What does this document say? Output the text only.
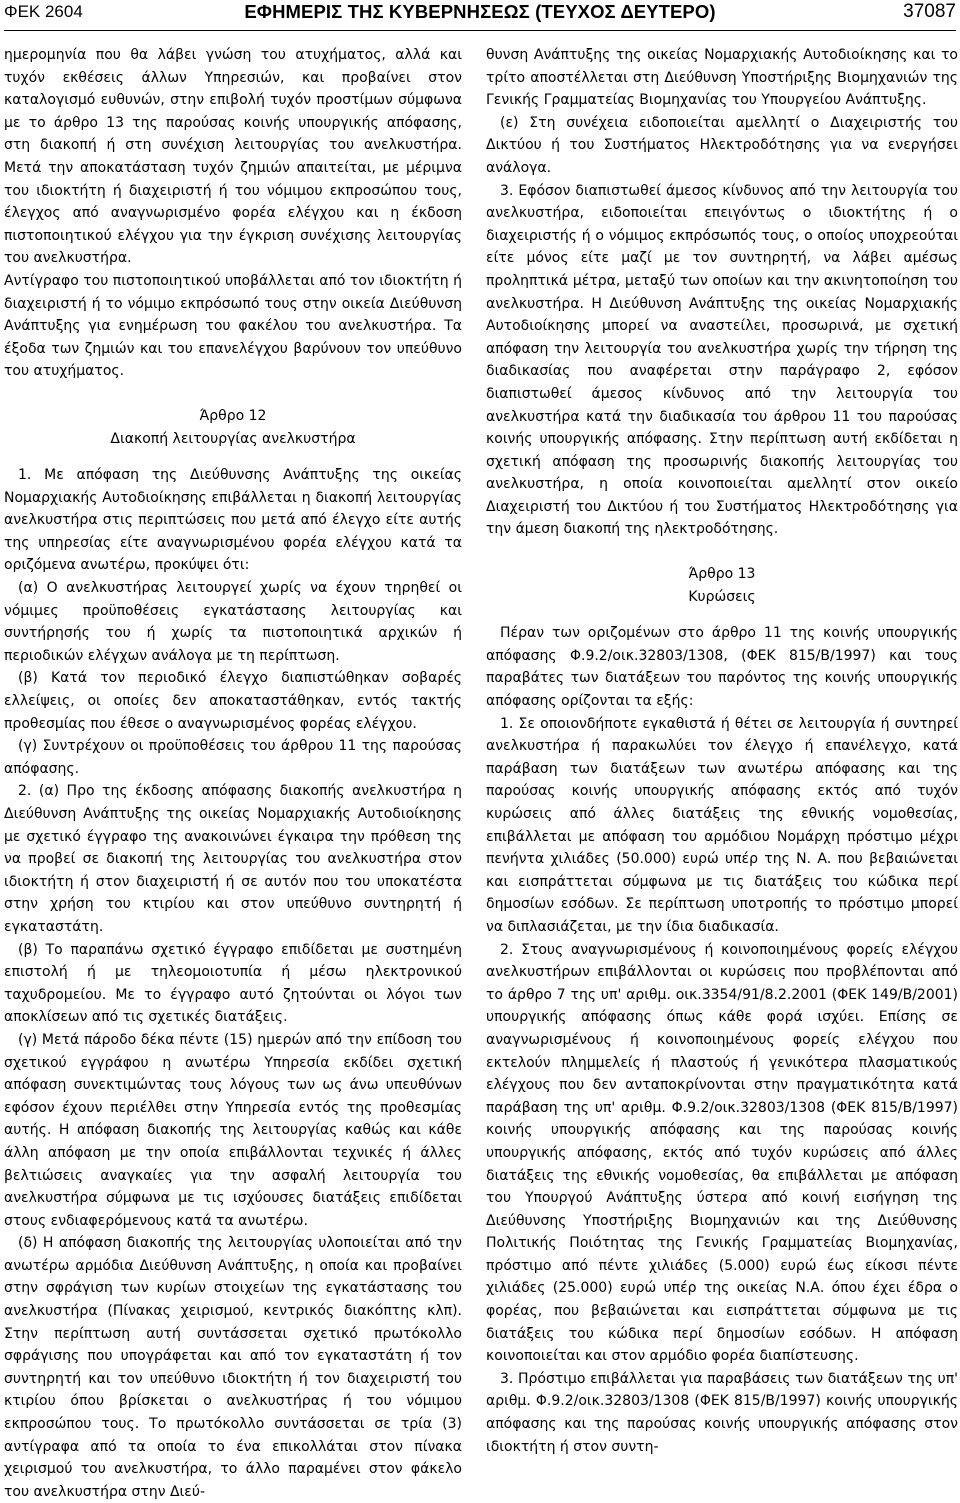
ΦΕΚ 2604	ΕΦΗΜΕΡΙΣ ΤΗΣ ΚΥΒΕΡΝΗΣΕΩΣ (ΤΕΥΧΟΣ ΔΕΥΤΕΡΟ)	37087

ημερομηνία που θα λάβει γνώση του ατυχήματος, αλλά και τυχόν εκθέσεις άλλων Υπηρεσιών, και προβαίνει στον καταλογισμό ευθυνών, στην επιβολή τυχόν προστίμων σύμφωνα με το άρθρο 13 της παρούσας κοινής υπουργικής απόφασης, στη διακοπή ή στη συνέχιση λειτουργίας του ανελκυστήρα. Μετά την αποκατάσταση τυχόν ζημιών απαιτείται, με μέριμνα του ιδιοκτήτη ή διαχειριστή ή του νόμιμου εκπροσώπου τους, έλεγχος από αναγνωρισμένο φορέα ελέγχου και η έκδοση πιστοποιητικού ελέγχου για την έγκριση συνέχισης λειτουργίας του ανελκυστήρα.

Αντίγραφο του πιστοποιητικού υποβάλλεται από τον ιδιοκτήτη ή διαχειριστή ή το νόμιμο εκπρόσωπό τους στην οικεία Διεύθυνση Ανάπτυξης για ενημέρωση του φακέλου του ανελκυστήρα. Τα έξοδα των ζημιών και του επανελέγχου βαρύνουν τον υπεύθυνο του ατυχήματος.

Άρθρο 12

Διακοπή λειτουργίας ανελκυστήρα

1. Με απόφαση της Διεύθυνσης Ανάπτυξης της οικείας Νομαρχιακής Αυτοδιοίκησης επιβάλλεται η διακοπή λειτουργίας ανελκυστήρα στις περιπτώσεις που μετά από έλεγχο είτε αυτής της υπηρεσίας είτε αναγνωρισμένου φορέα ελέγχου κατά τα οριζόμενα ανωτέρω, προκύψει ότι:

(α) Ο ανελκυστήρας λειτουργεί χωρίς να έχουν τηρηθεί οι νόμιμες προϋποθέσεις εγκατάστασης λειτουργίας και συντήρησής του ή χωρίς τα πιστοποιητικά αρχικών ή περιοδικών ελέγχων ανάλογα με τη περίπτωση.

(β) Κατά τον περιοδικό έλεγχο διαπιστώθηκαν σοβαρές ελλείψεις, οι οποίες δεν αποκαταστάθηκαν, εντός τακτής προθεσμίας που έθεσε ο αναγνωρισμένος φορέας ελέγχου.

(γ) Συντρέχουν οι προϋποθέσεις του άρθρου 11 της παρούσας απόφασης.

2. (α) Προ της έκδοσης απόφασης διακοπής ανελκυστήρα η Διεύθυνση Ανάπτυξης της οικείας Νομαρχιακής Αυτοδιοίκησης με σχετικό έγγραφο της ανακοινώνει έγκαιρα την πρόθεση της να προβεί σε διακοπή της λειτουργίας του ανελκυστήρα στον ιδιοκτήτη ή στον διαχειριστή ή σε αυτόν που του υποκατέστα στην χρήση του κτιρίου και στον υπεύθυνο συντηρητή ή εγκαταστάτη.

(β) Το παραπάνω σχετικό έγγραφο επιδίδεται με συστημένη επιστολή ή με τηλεομοιοτυπία ή μέσω ηλεκτρονικού ταχυδρομείου. Με το έγγραφο αυτό ζητούνται οι λόγοι των αποκλίσεων από τις σχετικές διατάξεις.

(γ) Μετά πάροδο δέκα πέντε (15) ημερών από την επίδοση του σχετικού εγγράφου η ανωτέρω Υπηρεσία εκδίδει σχετική απόφαση συνεκτιμώντας τους λόγους των ως άνω υπευθύνων εφόσον έχουν περιέλθει στην Υπηρεσία εντός της προθεσμίας αυτής. Η απόφαση διακοπής της λειτουργίας καθώς και κάθε άλλη απόφαση με την οποία επιβάλλονται τεχνικές ή άλλες βελτιώσεις αναγκαίες για την ασφαλή λειτουργία του ανελκυστήρα σύμφωνα με τις ισχύουσες διατάξεις επιδίδεται στους ενδιαφερόμενους κατά τα ανωτέρω.

(δ) Η απόφαση διακοπής της λειτουργίας υλοποιείται από την ανωτέρω αρμόδια Διεύθυνση Ανάπτυξης, η οποία και προβαίνει στην σφράγιση των κυρίων στοιχείων της εγκατάστασης του ανελκυστήρα (Πίνακας χειρισμού, κεντρικός διακόπτης κλπ). Στην περίπτωση αυτή συντάσσεται σχετικό πρωτόκολλο σφράγισης που υπογράφεται και από τον εγκαταστάτη ή τον συντηρητή και τον υπεύθυνο ιδιοκτήτη ή τον διαχειριστή του κτιρίου όπου βρίσκεται ο ανελκυστήρας ή του νόμιμου εκπροσώπου τους. Το πρωτόκολλο συντάσσεται σε τρία (3) αντίγραφα από τα οποία το ένα επικολλάται στον πίνακα χειρισμού του ανελκυστήρα, το άλλο παραμένει στον φάκελο του ανελκυστήρα στην Διεύ-

θυνση Ανάπτυξης της οικείας Νομαρχιακής Αυτοδιοίκησης και το τρίτο αποστέλλεται στη Διεύθυνση Υποστήριξης Βιομηχανιών της Γενικής Γραμματείας Βιομηχανίας του Υπουργείου Ανάπτυξης.

(ε) Στη συνέχεια ειδοποιείται αμελλητί ο Διαχειριστής του Δικτύου ή του Συστήματος Ηλεκτροδότησης για να ενεργήσει ανάλογα.

3. Εφόσον διαπιστωθεί άμεσος κίνδυνος από την λειτουργία του ανελκυστήρα, ειδοποιείται επειγόντως ο ιδιοκτήτης ή ο διαχειριστής ή ο νόμιμος εκπρόσωπός τους, ο οποίος υποχρεούται είτε μόνος είτε μαζί με τον συντηρητή, να λάβει αμέσως προληπτικά μέτρα, μεταξύ των οποίων και την ακινητοποίηση του ανελκυστήρα. Η Διεύθυνση Ανάπτυξης της οικείας Νομαρχιακής Αυτοδιοίκησης μπορεί να αναστείλει, προσωρινά, με σχετική απόφαση την λειτουργία του ανελκυστήρα χωρίς την τήρηση της διαδικασίας που αναφέρεται στην παράγραφο 2, εφόσον διαπιστωθεί άμεσος κίνδυνος από την λειτουργία του ανελκυστήρα κατά την διαδικασία του άρθρου 11 του παρούσας κοινής υπουργικής απόφασης. Στην περίπτωση αυτή εκδίδεται η σχετική απόφαση της προσωρινής διακοπής λειτουργίας του ανελκυστήρα, η οποία κοινοποιείται αμελλητί στον οικείο Διαχειριστή του Δικτύου ή του Συστήματος Ηλεκτροδότησης για την άμεση διακοπή της ηλεκτροδότησης.

Άρθρο 13

Κυρώσεις

Πέραν των οριζομένων στο άρθρο 11 της κοινής υπουργικής απόφασης Φ.9.2/οικ.32803/1308, (ΦΕΚ 815/Β/1997) και τους παραβάτες των διατάξεων του παρόντος της κοινής υπουργικής απόφασης ορίζονται τα εξής:

1. Σε οποιονδήποτε εγκαθιστά ή θέτει σε λειτουργία ή συντηρεί ανελκυστήρα ή παρακωλύει τον έλεγχο ή επανέλεγχο, κατά παράβαση των διατάξεων των ανωτέρω απόφασης και της παρούσας κοινής υπουργικής απόφασης εκτός από τυχόν κυρώσεις από άλλες διατάξεις της εθνικής νομοθεσίας, επιβάλλεται με απόφαση του αρμόδιου Νομάρχη πρόστιμο μέχρι πενήντα χιλιάδες (50.000) ευρώ υπέρ της Ν. Α. που βεβαιώνεται και εισπράττεται σύμφωνα με τις διατάξεις του κώδικα περί δημοσίων εσόδων. Σε περίπτωση υποτροπής το πρόστιμο μπορεί να διπλασιάζεται, με την ίδια διαδικασία.

2. Στους αναγνωρισμένους ή κοινοποιημένους φορείς ελέγχου ανελκυστήρων επιβάλλονται οι κυρώσεις που προβλέπονται από το άρθρο 7 της υπ' αριθμ. οικ.3354/91/8.2.2001 (ΦΕΚ 149/Β/2001) υπουργικής απόφασης όπως κάθε φορά ισχύει. Επίσης σε αναγνωρισμένους ή κοινοποιημένους φορείς ελέγχου που εκτελούν πλημμελείς ή πλαστούς ή γενικότερα πλασματικούς ελέγχους που δεν ανταποκρίνονται στην πραγματικότητα κατά παράβαση της υπ' αριθμ. Φ.9.2/οικ.32803/1308 (ΦΕΚ 815/Β/1997) κοινής υπουργικής απόφασης και της παρούσας κοινής υπουργικής απόφασης, εκτός από τυχόν κυρώσεις από άλλες διατάξεις της εθνικής νομοθεσίας, θα επιβάλλεται με απόφαση του Υπουργού Ανάπτυξης ύστερα από κοινή εισήγηση της Διεύθυνσης Υποστήριξης Βιομηχανιών και της Διεύθυνσης Πολιτικής Ποιότητας της Γενικής Γραμματείας Βιομηχανίας, πρόστιμο από πέντε χιλιάδες (5.000) ευρώ έως είκοσι πέντε χιλιάδες (25.000) ευρώ υπέρ της οικείας Ν.Α. όπου έχει έδρα ο φορέας, που βεβαιώνεται και εισπράττεται σύμφωνα με τις διατάξεις του κώδικα περί δημοσίων εσόδων. Η απόφαση κοινοποιείται και στον αρμόδιο φορέα διαπίστευσης.

3. Πρόστιμο επιβάλλεται για παραβάσεις των διατάξεων της υπ' αριθμ. Φ.9.2/οικ.32803/1308 (ΦΕΚ 815/Β/1997) κοινής υπουργικής απόφασης και της παρούσας κοινής υπουργικής απόφασης στον ιδιοκτήτη ή στον συντη-
